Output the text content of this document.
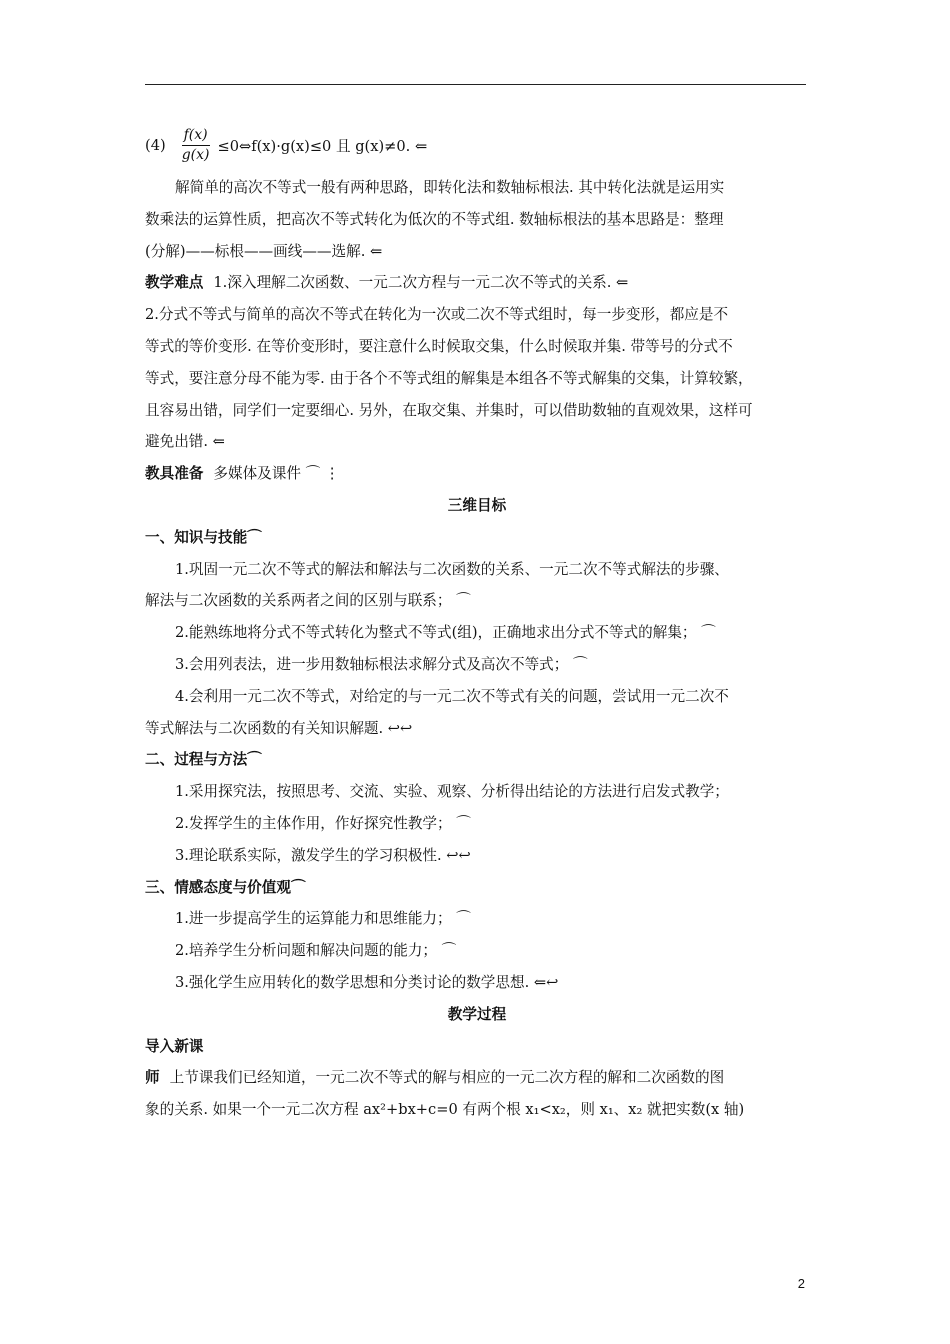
$(4) \frac{f(x)}{g(x)}$ ≤0⇔f(x)·g(x)≤0 且 g(x)≠0. ⇐
解简单的高次不等式一般有两种思路，即转化法和数轴标根法. 其中转化法就是运用实
数乘法的运算性质，把高次不等式转化为低次的不等式组. 数轴标根法的基本思路是：整理
(分解)——标根——画线——选解. ⇐
教学难点 1.深入理解二次函数、一元二次方程与一元二次不等式的关系. ⇐
2.分式不等式与简单的高次不等式在转化为一次或二次不等式组时，每一步变形，都应是不
等式的等价变形. 在等价变形时，要注意什么时候取交集，什么时候取并集. 带等号的分式不
等式，要注意分母不能为零. 由于各个不等式组的解集是本组各不等式解集的交集，计算较繁，
且容易出错，同学们一定要细心. 另外，在取交集、并集时，可以借助数轴的直观效果，这样可
避免出错. ⇐
教具准备 多媒体及课件 ⌒ ⋮
三维目标
一、知识与技能⌒
1.巩固一元二次不等式的解法和解法与二次函数的关系、一元二次不等式解法的步骤、
解法与二次函数的关系两者之间的区别与联系； ⌒
2.能熟练地将分式不等式转化为整式不等式(组)，正确地求出分式不等式的解集； ⌒
3.会用列表法，进一步用数轴标根法求解分式及高次不等式； ⌒
4.会利用一元二次不等式，对给定的与一元二次不等式有关的问题，尝试用一元二次不
等式解法与二次函数的有关知识解题. ↩↩
二、过程与方法⌒
1.采用探究法，按照思考、交流、实验、观察、分析得出结论的方法进行启发式教学；
2.发挥学生的主体作用，作好探究性教学； ⌒
3.理论联系实际，激发学生的学习积极性. ↩↩
三、情感态度与价值观⌒
1.进一步提高学生的运算能力和思维能力； ⌒
2.培养学生分析问题和解决问题的能力； ⌒
3.强化学生应用转化的数学思想和分类讨论的数学思想. ⇐↩
教学过程
导入新课
师 上节课我们已经知道，一元二次不等式的解与相应的一元二次方程的解和二次函数的图
象的关系. 如果一个一元二次方程 ax²+bx+c=0 有两个根 x₁<x₂，则 x₁、x₂ 就把实数(x 轴)
2
